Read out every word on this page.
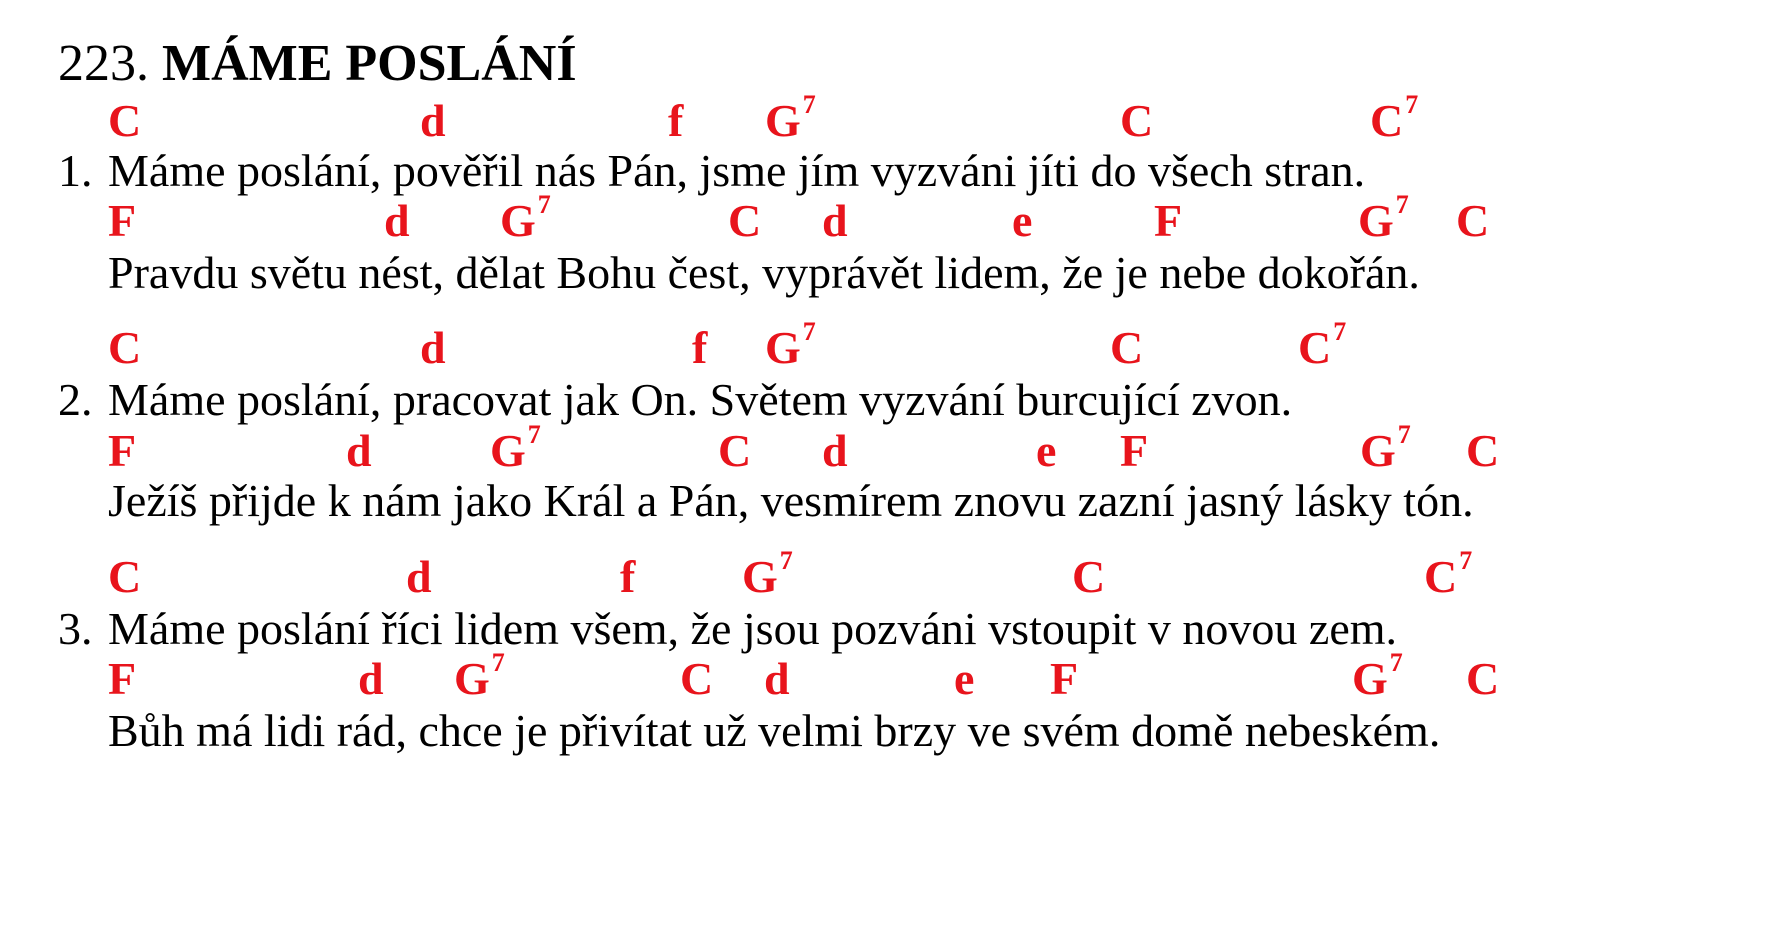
223. MÁME POSLÁNÍ
C	d	f $G^7$	C	$C^7$
1. Máme poslání, pověřil nás Pán, jsme jím vyzváni jíti do všech stran.
F	d $G^7$	C d	e	F	$G^7$ C
Pravdu světu nést, dělat Bohu čest, vyprávět lidem, že je nebe dokořán.
C	d	f $G^7$	C	$C^7$
2. Máme poslání, pracovat jak On. Světem vyzvání burcující zvon.
F	d	$G^7$	C d	e F	$G^7$ C
Ježíš přijde k nám jako Král a Pán, vesmírem znovu zazní jasný lásky tón.
C	d	f $G^7$	C	$C^7$
3. Máme poslání říci lidem všem, že jsou pozváni vstoupit v novou zem.
F	d $G^7$	C d	e F	$G^7$ C
Bůh má lidi rád, chce je přivítat už velmi brzy ve svém domě nebeském.
